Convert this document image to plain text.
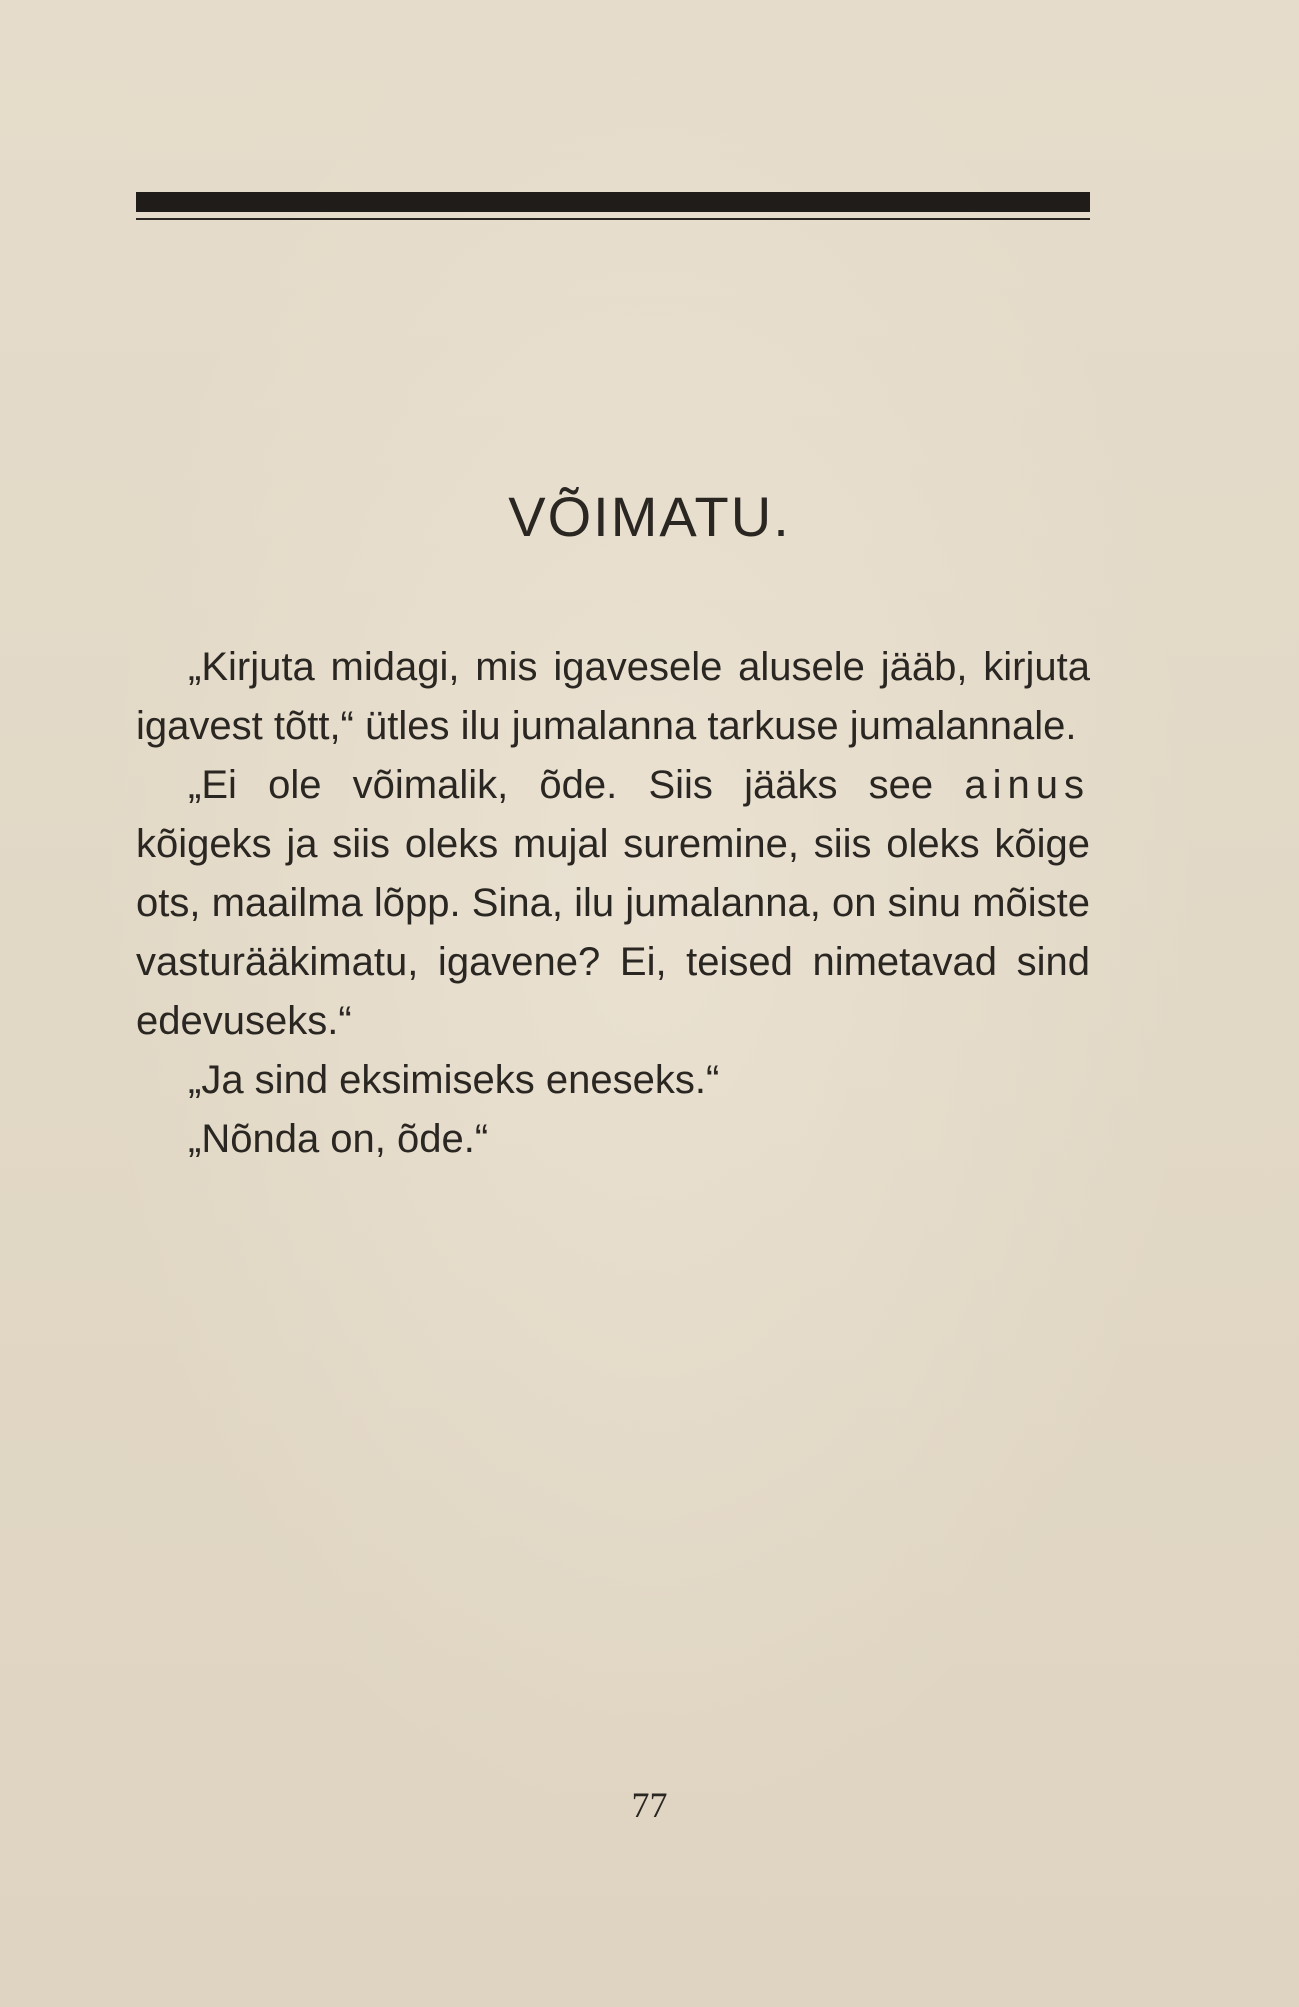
VÕIMATU.

„Kirjuta midagi, mis igavesele alusele jääb, kirjuta igavest tõtt,“ ütles ilu jumalanna tarkuse jumalannale.

„Ei ole võimalik, õde. Siis jääks see ainus kõigeks ja siis oleks mujal suremine, siis oleks kõige ots, maailma lõpp. Sina, ilu jumalanna, on sinu mõiste vasturääkimatu, igavene? Ei, teised nimetavad sind edevuseks.“

„Ja sind eksimiseks eneseks.“

„Nõnda on, õde.“

77
